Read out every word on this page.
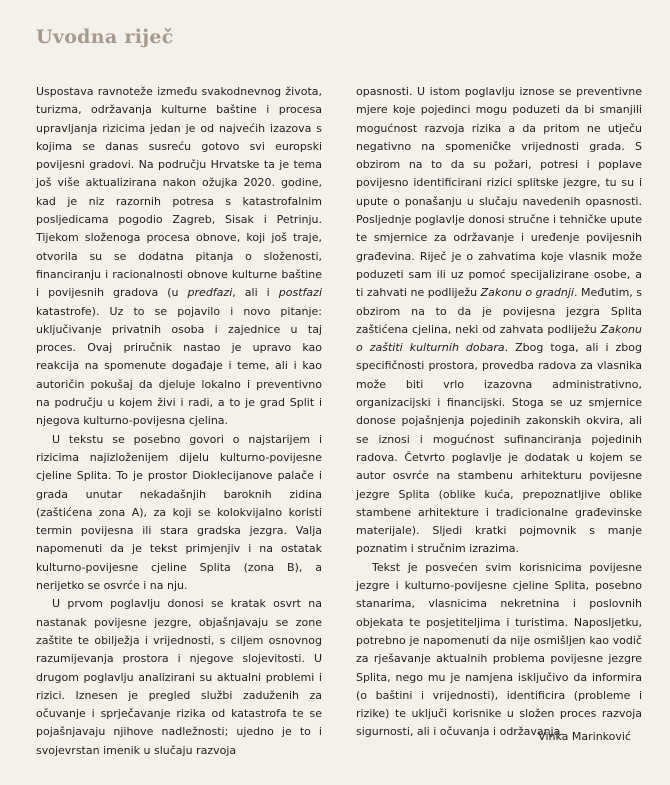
Uvodna riječ

Uspostava ravnoteže između svakodnevnog života, turizma, održavanja kulturne baštine i procesa upravljanja rizicima jedan je od najvećih izazova s kojima se danas susreću gotovo svi europski povijesni gradovi. Na području Hrvatske ta je tema još više aktualizirana nakon ožujka 2020. godine, kad je niz razornih potresa s katastrofalnim posljedicama pogodio Zagreb, Sisak i Petrinju. Tijekom složenoga procesa obnove, koji još traje, otvorila su se dodatna pitanja o složenosti, financiranju i racionalnosti obnove kulturne baštine i povijesnih gradova (u predfazi, ali i postfazi katastrofe). Uz to se pojavilo i novo pitanje: uključivanje privatnih osoba i zajednice u taj proces. Ovaj priručnik nastao je upravo kao reakcija na spomenute događaje i teme, ali i kao autoričin pokušaj da djeluje lokalno i preventivno na području u kojem živi i radi, a to je grad Split i njegova kulturno-povijesna cjelina.

U tekstu se posebno govori o najstarijem i rizicima najizloženijem dijelu kulturno-povijesne cjeline Splita. To je prostor Dioklecijanove palače i grada unutar nekadašnjih baroknih zidina (zaštićena zona A), za koji se kolokvijalno koristi termin povijesna ili stara gradska jezgra. Valja napomenuti da je tekst primjenjiv i na ostatak kulturno-povijesne cjeline Splita (zona B), a nerijetko se osvrće i na nju.

U prvom poglavlju donosi se kratak osvrt na nastanak povijesne jezgre, objašnjavaju se zone zaštite te obilježja i vrijednosti, s ciljem osnovnog razumijevanja prostora i njegove slojevitosti. U drugom poglavlju analizirani su aktualni problemi i rizici. Iznesen je pregled službi zaduženih za očuvanje i sprječavanje rizika od katastrofa te se pojašnjavaju njihove nadležnosti; ujedno je to i svojevrstan imenik u slučaju razvoja

opasnosti. U istom poglavlju iznose se preventivne mjere koje pojedinci mogu poduzeti da bi smanjili mogućnost razvoja rizika a da pritom ne utječu negativno na spomeničke vrijednosti grada. S obzirom na to da su požari, potresi i poplave povijesno identificirani rizici splitske jezgre, tu su i upute o ponašanju u slučaju navedenih opasnosti. Posljednje poglavlje donosi stručne i tehničke upute te smjernice za održavanje i uređenje povijesnih građevina. Riječ je o zahvatima koje vlasnik može poduzeti sam ili uz pomoć specijalizirane osobe, a ti zahvati ne podliježu Zakonu o gradnji. Međutim, s obzirom na to da je povijesna jezgra Splita zaštićena cjelina, neki od zahvata podliježu Zakonu o zaštiti kulturnih dobara. Zbog toga, ali i zbog specifičnosti prostora, provedba radova za vlasnika može biti vrlo izazovna administrativno, organizacijski i financijski. Stoga se uz smjernice donose pojašnjenja pojedinih zakonskih okvira, ali se iznosi i mogućnost sufinanciranja pojedinih radova. Četvrto poglavlje je dodatak u kojem se autor osvrće na stambenu arhitekturu povijesne jezgre Splita (oblike kuća, prepoznatljive oblike stambene arhitekture i tradicionalne građevinske materijale). Sljedi kratki pojmovnik s manje poznatim i stručnim izrazima.

Tekst je posvećen svim korisnicima povijesne jezgre i kulturno-povijesne cjeline Splita, posebno stanarima, vlasnicima nekretnina i poslovnih objekata te posjetiteljima i turistima. Naposljetku, potrebno je napomenuti da nije osmišljen kao vodič za rješavanje aktualnih problema povijesne jezgre Splita, nego mu je namjena isključivo da informira (o baštini i vrijednosti), identificira (probleme i rizike) te uključi korisnike u složen proces razvoja sigurnosti, ali i očuvanja i održavanja.

Vinka Marinković
